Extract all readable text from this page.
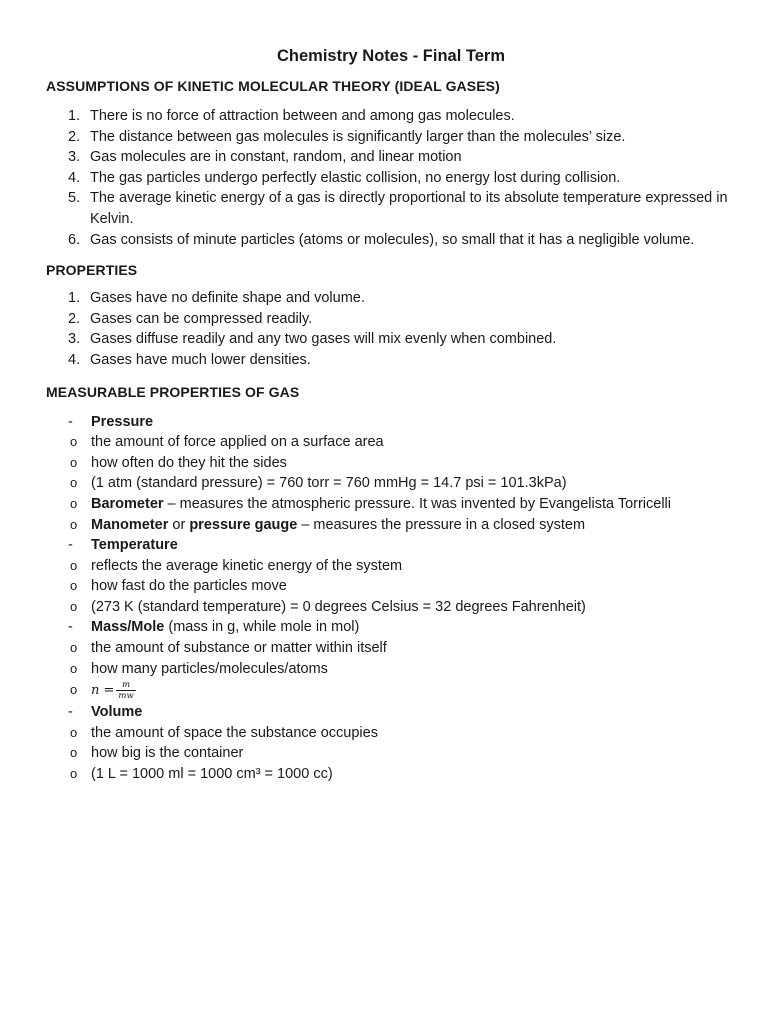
Chemistry Notes - Final Term
ASSUMPTIONS OF KINETIC MOLECULAR THEORY (IDEAL GASES)
1. There is no force of attraction between and among gas molecules.
2. The distance between gas molecules is significantly larger than the molecules’ size.
3. Gas molecules are in constant, random, and linear motion
4. The gas particles undergo perfectly elastic collision, no energy lost during collision.
5. The average kinetic energy of a gas is directly proportional to its absolute temperature expressed in Kelvin.
6. Gas consists of minute particles (atoms or molecules), so small that it has a negligible volume.
PROPERTIES
1. Gases have no definite shape and volume.
2. Gases can be compressed readily.
3. Gases diffuse readily and any two gases will mix evenly when combined.
4. Gases have much lower densities.
MEASURABLE PROPERTIES OF GAS
- Pressure
o the amount of force applied on a surface area
o how often do they hit the sides
o (1 atm (standard pressure) = 760 torr = 760 mmHg = 14.7 psi = 101.3kPa)
o Barometer – measures the atmospheric pressure. It was invented by Evangelista Torricelli
o Manometer or pressure gauge – measures the pressure in a closed system
- Temperature
o reflects the average kinetic energy of the system
o how fast do the particles move
o (273 K (standard temperature) = 0 degrees Celsius = 32 degrees Fahrenheit)
- Mass/Mole (mass in g, while mole in mol)
o the amount of substance or matter within itself
o how many particles/molecules/atoms
o $n = \frac{m}{mw}$
- Volume
o the amount of space the substance occupies
o how big is the container
o (1 L = 1000 ml = 1000 cm³ = 1000 cc)
